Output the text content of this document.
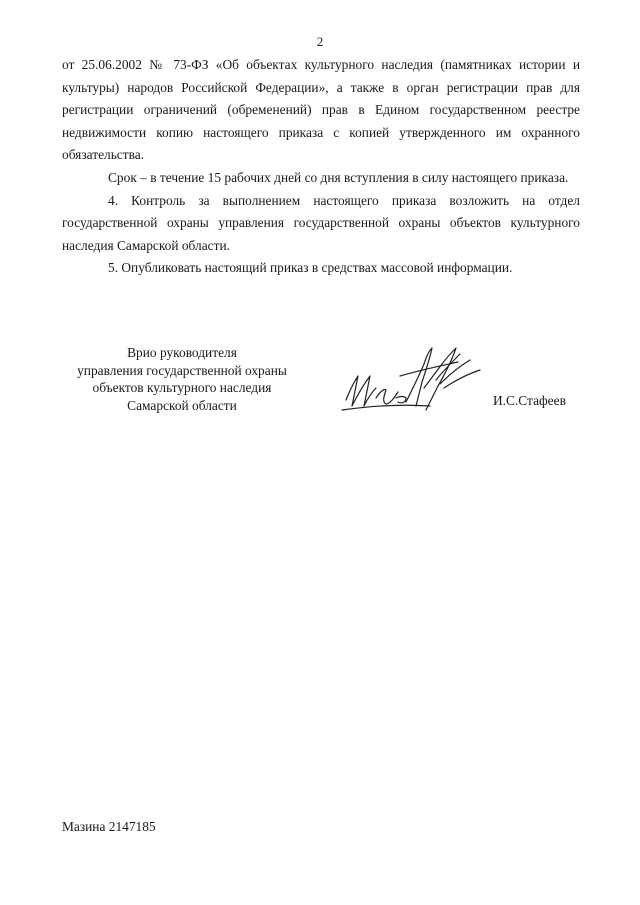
2

от 25.06.2002 № 73-ФЗ «Об объектах культурного наследия (памятниках истории и культуры) народов Российской Федерации», а также в орган регистрации прав для регистрации ограничений (обременений) прав в Едином государственном реестре недвижимости копию настоящего приказа с копией утвержденного им охранного обязательства.

Срок – в течение 15 рабочих дней со дня вступления в силу настоящего приказа.

4. Контроль за выполнением настоящего приказа возложить на отдел государственной охраны управления государственной охраны объектов культурного наследия Самарской области.

5. Опубликовать настоящий приказ в средствах массовой информации.

Врио руководителя
управления государственной охраны
объектов культурного наследия
Самарской области	И.С.Стафеев
Мазина 2147185
